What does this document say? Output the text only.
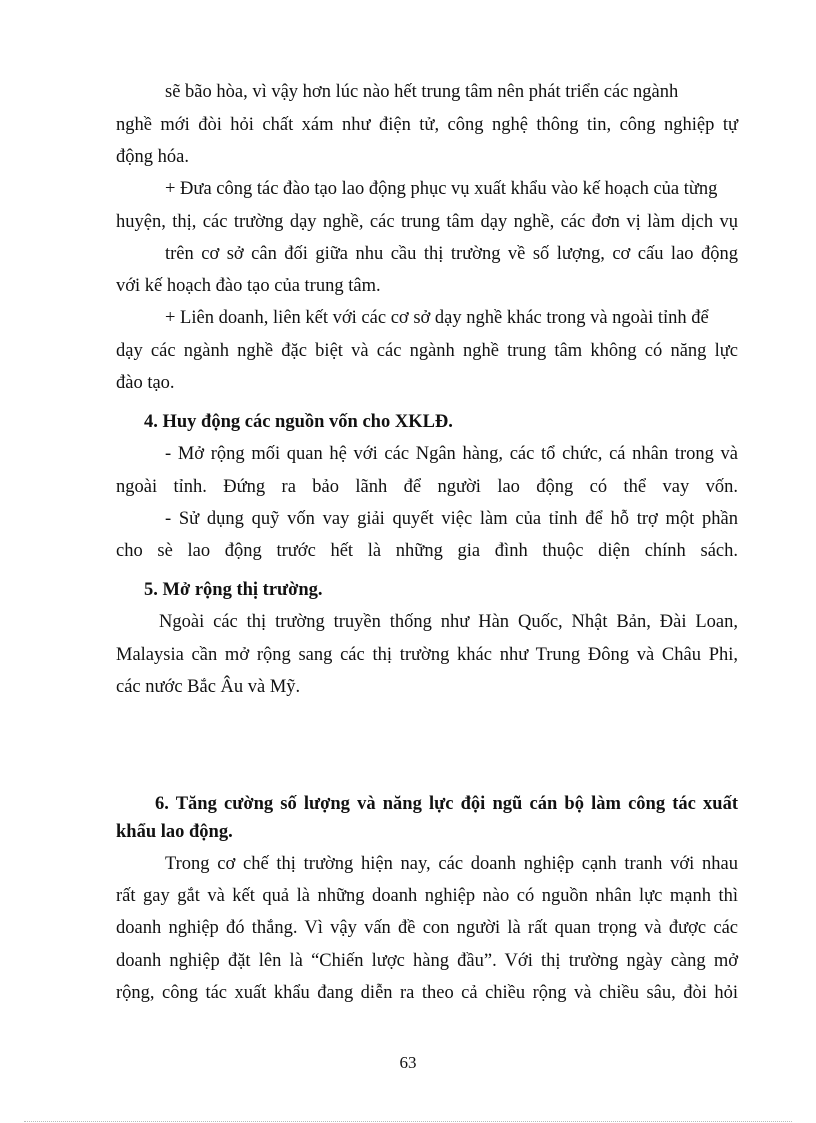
sẽ bão hòa, vì vậy hơn lúc nào hết trung tâm nên phát triển các ngành
nghề mới đòi hỏi chất xám như điện tử, công nghệ thông tin, công nghiệp tự
động hóa.
+ Đưa công tác đào tạo lao động phục vụ xuất khẩu vào kế hoạch của từng
huyện, thị, các trường dạy nghề, các trung tâm dạy nghề, các đơn vị làm dịch vụ
trên cơ sở cân đối giữa nhu cầu thị trường về số lượng, cơ cấu lao động
với kế hoạch đào tạo của trung tâm.
+ Liên doanh, liên kết với các cơ sở dạy nghề khác trong và ngoài tỉnh để
dạy các ngành nghề đặc biệt và các ngành nghề trung tâm không có năng lực
đào tạo.
4. Huy động các nguồn vốn cho XKLĐ.
- Mở rộng mối quan hệ với các Ngân hàng, các tổ chức, cá nhân trong và
ngoài tỉnh. Đứng ra bảo lãnh để người lao động có thể vay vốn.
- Sử dụng quỹ vốn vay giải quyết việc làm của tỉnh để hỗ trợ một phần
cho sè lao động trước hết là những gia đình thuộc diện chính sách.
5. Mở rộng thị trường.
Ngoài các thị trường truyền thống như Hàn Quốc, Nhật Bản, Đài Loan,
Malaysia cần mở rộng sang các thị trường khác như Trung Đông và Châu Phi,
các nước Bắc Âu và Mỹ.
6. Tăng cường số lượng và năng lực đội ngũ cán bộ làm công tác xuất
khẩu lao động.
Trong cơ chế thị trường hiện nay, các doanh nghiệp cạnh tranh với nhau
rất gay gắt và kết quả là những doanh nghiệp nào có nguồn nhân lực mạnh thì
doanh nghiệp đó thắng. Vì vậy vấn đề con người là rất quan trọng và được các
doanh nghiệp đặt lên là “Chiến lược hàng đầu”. Với thị trường ngày càng mở
rộng, công tác xuất khẩu đang diễn ra theo cả chiều rộng và chiều sâu, đòi hỏi
63
